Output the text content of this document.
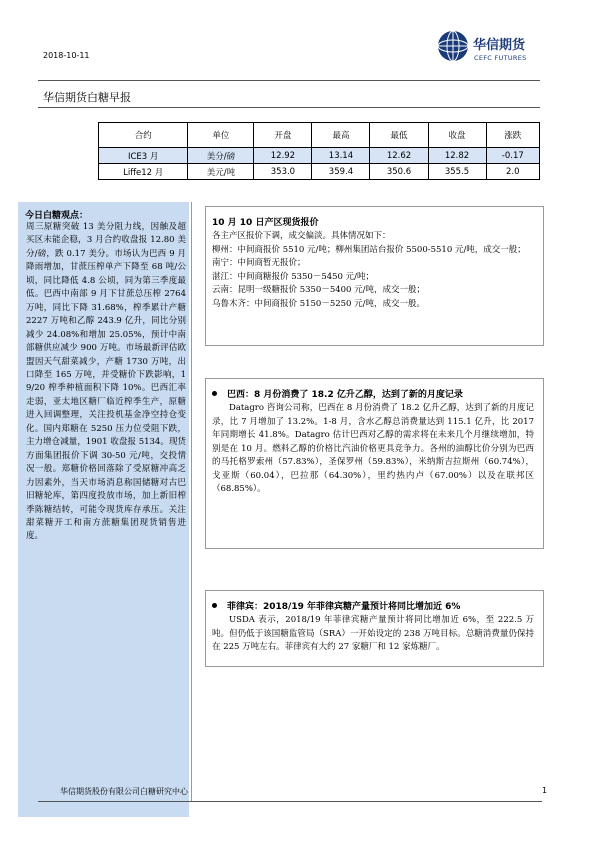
2018-10-11
华信期货
CEFC FUTURES
华信期货白糖早报
合约	单位	开盘	最高	最低	收盘	涨跌
ICE3 月	美分/磅	12.92	13.14	12.62	12.82	-0.17
Liffe12 月	美元/吨	353.0	359.4	350.6	355.5	2.0
今日白糖观点：

周三原糖突破 13 美分阻力线，因触及超买区未能企稳，3 月合约收盘报 12.80 美分/磅，跌 0.17 美分。市场认为巴西 9 月降雨增加，甘蔗压榨单产下降至 68 吨/公顷，同比降低 4.8 公顷，同为第三季度最低。巴西中南部 9 月下甘蔗总压榨 2764 万吨，同比下降 31.68%，榨季累计产糖 2227 万吨和乙醇 243.9 亿升，同比分别减少 24.08%和增加 25.05%，预计中南部糖供应减少 900 万吨。市场最新评估欧盟因天气甜菜减少，产糖 1730 万吨，出口降至 165 万吨，并受糖价下跌影响，19/20 榨季种植面积下降 10%。巴西汇率走弱，亚太地区糖厂临近榨季生产，原糖进入回调整理，关注投机基金净空持仓变化。国内郑糖在 5250 压力位受阻下跌，主力增仓减量，1901 收盘报 5134。现货方面集团报价下调 30-50 元/吨，交投情况一般。郑糖价格回落除了受原糖冲高乏力因素外，当天市场消息称国储糖对古巴旧糖轮库，第四度投放市场，加上新旧榨季陈糖结转，可能令现货库存承压。关注甜菜糖开工和南方蔗糖集团现货销售进度。

10 月 10 日产区现货报价
各主产区报价下调，成交偏淡。具体情况如下：
柳州：中间商报价 5510 元/吨；柳州集团站台报价 5500-5510 元/吨，成交一般；
南宁：中间商暂无报价；
湛江：中间商糖报价 5350－5450 元/吨；
云南：昆明一级糖报价 5350－5400 元/吨，成交一般；
乌鲁木齐：中间商报价 5150－5250 元/吨，成交一般。
巴西：8 月份消费了 18.2 亿升乙醇，达到了新的月度记录

Datagro 咨询公司称，巴西在 8 月份消费了 18.2 亿升乙醇，达到了新的月度记录，比 7 月增加了 13.2%。1-8 月，含水乙醇总消费量达到 115.1 亿升，比 2017 年同期增长 41.8%。Datagro 估计巴西对乙醇的需求将在未来几个月继续增加，特别是在 10 月。燃料乙醇的价格比汽油价格更具竞争力。各州的油醇比价分别为巴西的马托格罗索州（57.83%），圣保罗州（59.83%），米纳斯吉拉斯州（60.74%），戈亚斯（60.04），巴拉那（64.30%），里约热内卢（67.00%）以及在联邦区（68.85%）。

菲律宾：2018/19 年菲律宾糖产量预计将同比增加近 6%

USDA 表示，2018/19 年菲律宾糖产量预计将同比增加近 6%，至 222.5 万吨。但仍低于该国糖监管局（SRA）一开始设定的 238 万吨目标。总糖消费量仍保持在 225 万吨左右。菲律宾有大约 27 家糖厂和 12 家炼糖厂。

华信期货股份有限公司白糖研究中心	1
